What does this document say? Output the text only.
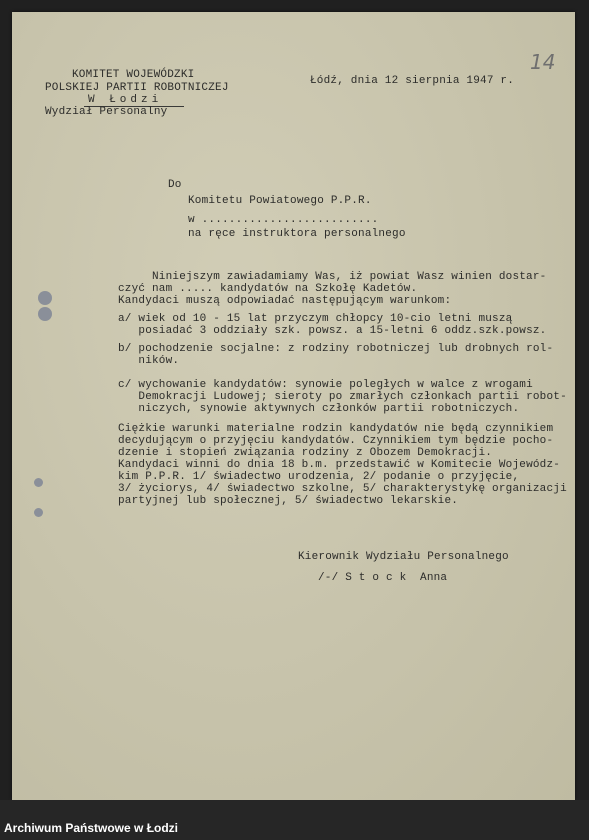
KOMITET WOJEWÓDZKI
POLSKIEJ PARTII ROBOTNICZEJ
W Łodzi
Wydział Personalny
Łódź, dnia 12 sierpnia 1947 r.
14
Do
Komitetu Powiatowego P.P.R.
w ..........................
na ręce instruktora personalnego
Niniejszym zawiadamiamy Was, iż powiat Wasz winien dostar-
czyć nam ..... kandydatów na Szkołę Kadetów.
Kandydaci muszą odpowiadać następującym warunkom:
a/ wiek od 10 - 15 lat przyczym chłopcy 10-cio letni muszą
posiadać 3 oddziały szk. powsz. a 15-letni 6 oddz.szk.powsz.
b/ pochodzenie socjalne: z rodziny robotniczej lub drobnych rol-
ników.
c/ wychowanie kandydatów: synowie poległych w walce z wrogami
Demokracji Ludowej; sieroty po zmarłych członkach partii robot-
niczych, synowie aktywnych członków partii robotniczych.
Ciężkie warunki materialne rodzin kandydatów nie będą czynnikiem
decydującym o przyjęciu kandydatów. Czynnikiem tym będzie pocho-
dzenie i stopień związania rodziny z Obozem Demokracji.
Kandydaci winni do dnia 18 b.m. przedstawić w Komitecie Wojewódz-
kim P.P.R. 1/ świadectwo urodzenia, 2/ podanie o przyjęcie,
3/ życiorys, 4/ świadectwo szkolne, 5/ charakterystykę organizacji
partyjnej lub społecznej, 5/ świadectwo lekarskie.
Kierownik Wydziału Personalnego
/-/ S t o c k  Anna
Archiwum Państwowe w Łodzi
